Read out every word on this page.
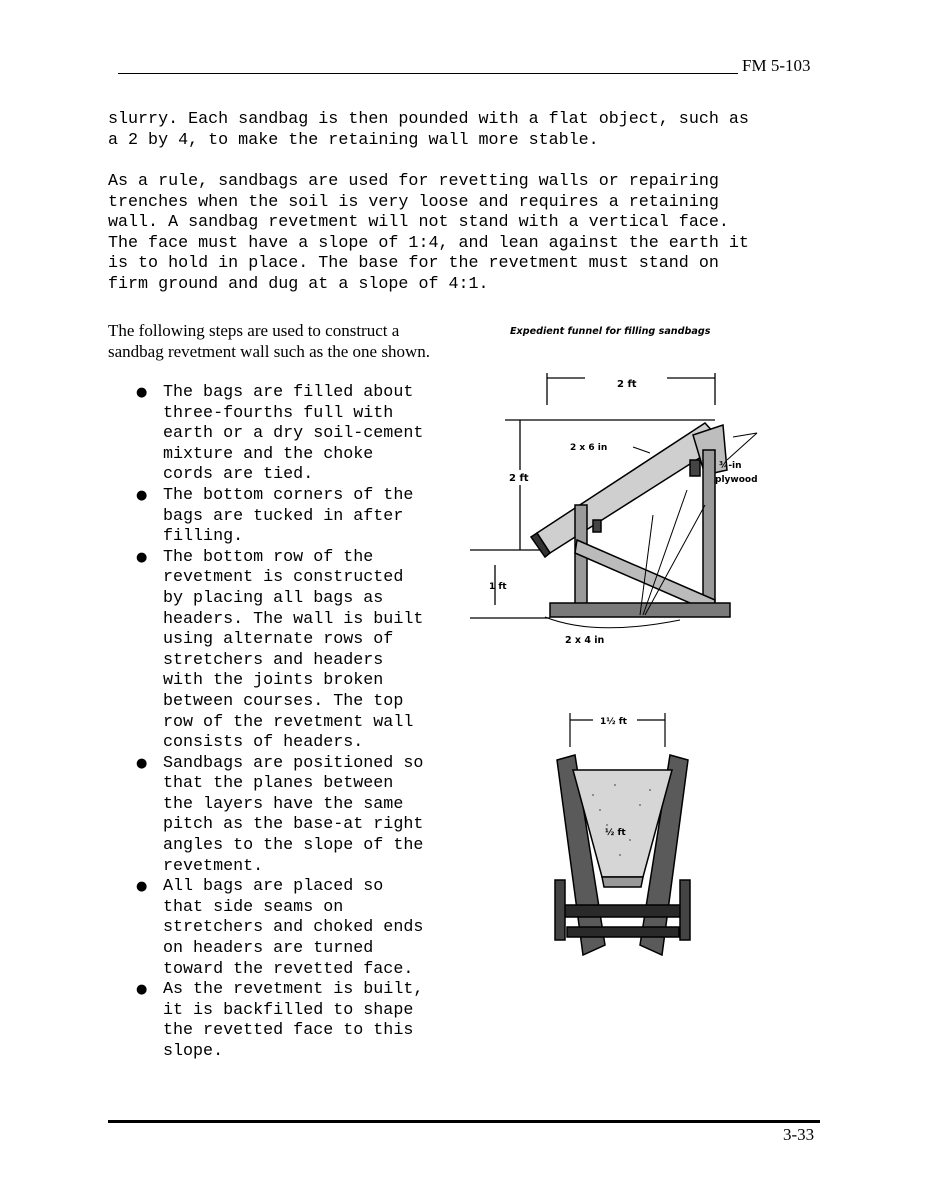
FM 5-103
slurry. Each sandbag is then pounded with a flat object, such as
a 2 by 4, to make the retaining wall more stable.
As a rule, sandbags are used for revetting walls or repairing
trenches when the soil is very loose and requires a retaining
wall. A sandbag revetment will not stand with a vertical face.
The face must have a slope of 1:4, and lean against the earth it
is to hold in place. The base for the revetment must stand on
firm ground and dug at a slope of 4:1.
The following steps are used to construct a
sandbag revetment wall such as the one shown.
● The bags are filled about
three-fourths full with
earth or a dry soil-cement
mixture and the choke
cords are tied.
● The bottom corners of the
bags are tucked in after
filling.
● The bottom row of the
revetment is constructed
by placing all bags as
headers. The wall is built
using alternate rows of
stretchers and headers
with the joints broken
between courses. The top
row of the revetment wall
consists of headers.
● Sandbags are positioned so
that the planes between
the layers have the same
pitch as the base-at right
angles to the slope of the
revetment.
● All bags are placed so
that side seams on
stretchers and choked ends
on headers are turned
toward the revetted face.
● As the revetment is built,
it is backfilled to shape
the revetted face to this
slope.
Expedient funnel for filling sandbags
2 ft
2 x 6 in
¾-in
plywood
2 ft
1 ft
2 x 4 in
1½ ft
½ ft
3-33
